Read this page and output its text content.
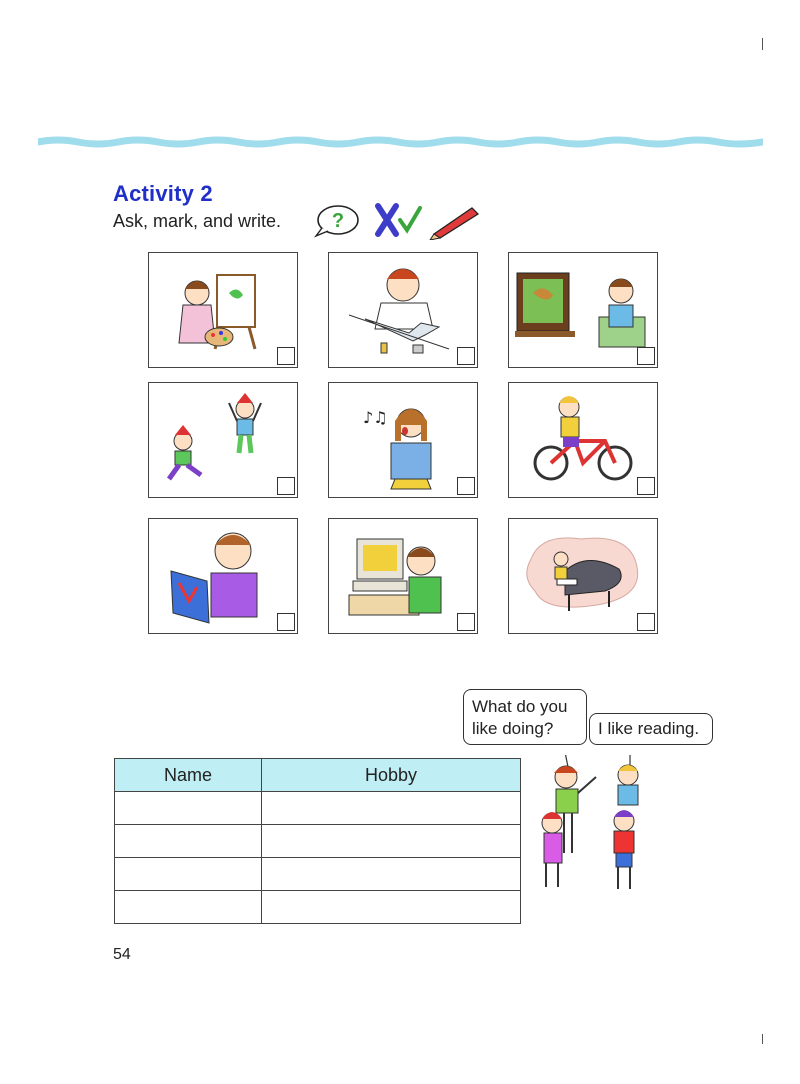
Activity 2
Ask, mark, and write.	?
♪♫
What do you like doing?	I like reading.
Name	Hobby

54
